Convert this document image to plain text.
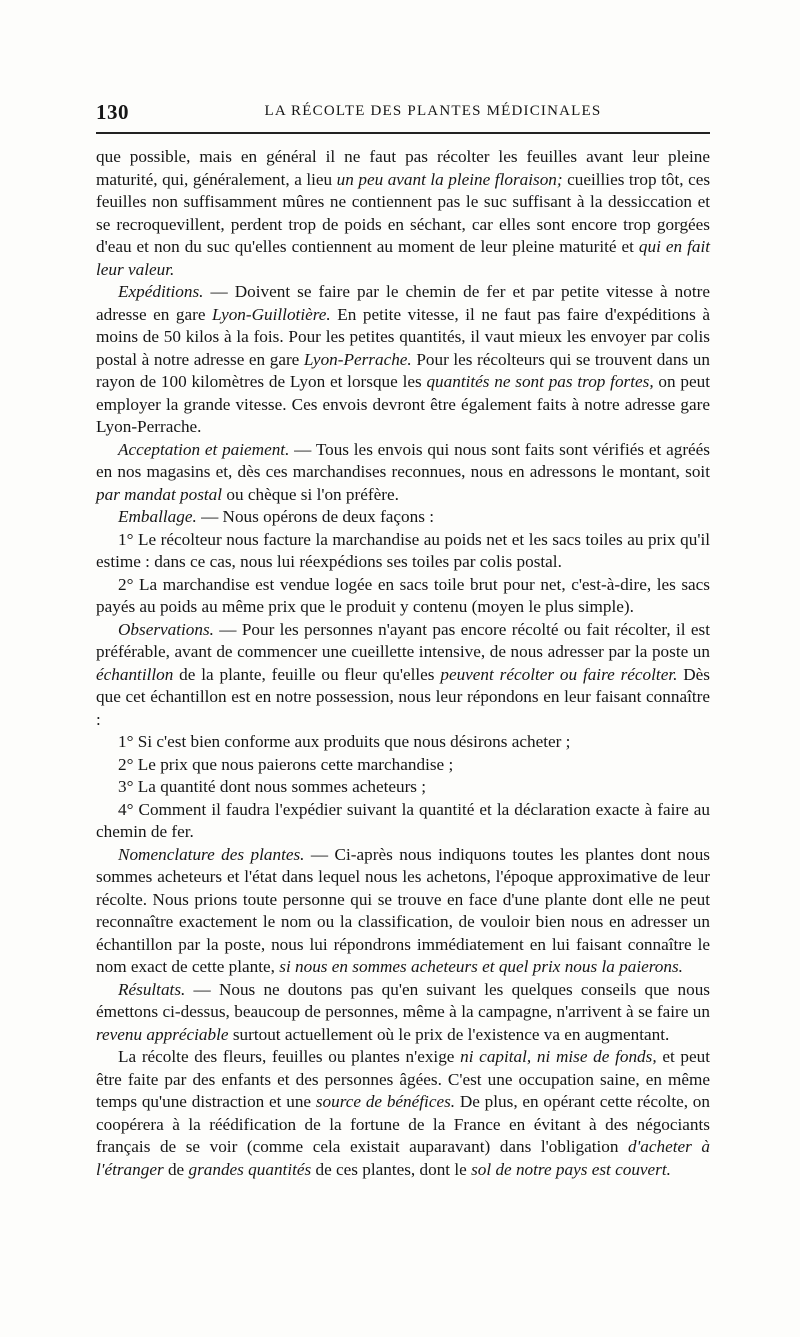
130	LA RÉCOLTE DES PLANTES MÉDICINALES

que possible, mais en général il ne faut pas récolter les feuilles avant leur pleine maturité, qui, généralement, a lieu un peu avant la pleine floraison; cueillies trop tôt, ces feuilles non suffisamment mûres ne contiennent pas le suc suffisant à la dessiccation et se recroquevillent, perdent trop de poids en séchant, car elles sont encore trop gorgées d'eau et non du suc qu'elles contiennent au moment de leur pleine maturité et qui en fait leur valeur.

Expéditions. — Doivent se faire par le chemin de fer et par petite vitesse à notre adresse en gare Lyon-Guillotière. En petite vitesse, il ne faut pas faire d'expéditions à moins de 50 kilos à la fois. Pour les petites quantités, il vaut mieux les envoyer par colis postal à notre adresse en gare Lyon-Perrache. Pour les récolteurs qui se trouvent dans un rayon de 100 kilomètres de Lyon et lorsque les quantités ne sont pas trop fortes, on peut employer la grande vitesse. Ces envois devront être également faits à notre adresse gare Lyon-Perrache.

Acceptation et paiement. — Tous les envois qui nous sont faits sont vérifiés et agréés en nos magasins et, dès ces marchandises reconnues, nous en adressons le montant, soit par mandat postal ou chèque si l'on préfère.

Emballage. — Nous opérons de deux façons :

1° Le récolteur nous facture la marchandise au poids net et les sacs toiles au prix qu'il estime : dans ce cas, nous lui réexpédions ses toiles par colis postal.

2° La marchandise est vendue logée en sacs toile brut pour net, c'est-à-dire, les sacs payés au poids au même prix que le produit y contenu (moyen le plus simple).

Observations. — Pour les personnes n'ayant pas encore récolté ou fait récolter, il est préférable, avant de commencer une cueillette intensive, de nous adresser par la poste un échantillon de la plante, feuille ou fleur qu'elles peuvent récolter ou faire récolter. Dès que cet échantillon est en notre possession, nous leur répondons en leur faisant connaître :

1° Si c'est bien conforme aux produits que nous désirons acheter ;

2° Le prix que nous paierons cette marchandise ;

3° La quantité dont nous sommes acheteurs ;

4° Comment il faudra l'expédier suivant la quantité et la déclaration exacte à faire au chemin de fer.

Nomenclature des plantes. — Ci-après nous indiquons toutes les plantes dont nous sommes acheteurs et l'état dans lequel nous les achetons, l'époque approximative de leur récolte. Nous prions toute personne qui se trouve en face d'une plante dont elle ne peut reconnaître exactement le nom ou la classification, de vouloir bien nous en adresser un échantillon par la poste, nous lui répondrons immédiatement en lui faisant connaître le nom exact de cette plante, si nous en sommes acheteurs et quel prix nous la paierons.

Résultats. — Nous ne doutons pas qu'en suivant les quelques conseils que nous émettons ci-dessus, beaucoup de personnes, même à la campagne, n'arrivent à se faire un revenu appréciable surtout actuellement où le prix de l'existence va en augmentant.

La récolte des fleurs, feuilles ou plantes n'exige ni capital, ni mise de fonds, et peut être faite par des enfants et des personnes âgées. C'est une occupation saine, en même temps qu'une distraction et une source de bénéfices. De plus, en opérant cette récolte, on coopérera à la réédification de la fortune de la France en évitant à des négociants français de se voir (comme cela existait auparavant) dans l'obligation d'acheter à l'étranger de grandes quantités de ces plantes, dont le sol de notre pays est couvert.
